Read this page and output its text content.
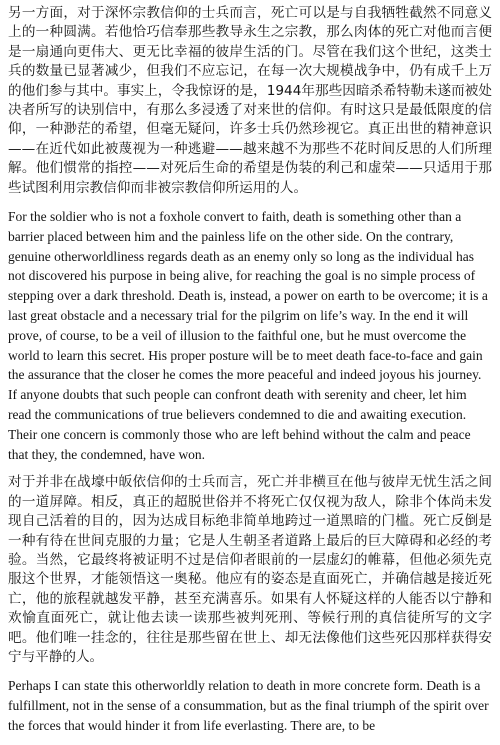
另一方面，对于深怀宗教信仰的士兵而言，死亡可以是与自我牺牲截然不同意义上的一种圆满。若他恰巧信奉那些教导永生之宗教，那么肉体的死亡对他而言便是一扇通向更伟大、更无比幸福的彼岸生活的门。尽管在我们这个世纪，这类士兵的数量已显著减少，但我们不应忘记，在每一次大规模战争中，仍有成千上万的他们参与其中。事实上，令我惊讶的是，1944年那些因暗杀希特勒未遂而被处决者所写的诀别信中，有那么多浸透了对来世的信仰。有时这只是最低限度的信仰，一种渺茫的希望，但毫无疑问，许多士兵仍然珍视它。真正出世的精神意识——在近代如此被蔑视为一种逃避——越来越不为那些不花时间反思的人们所理解。他们惯常的指控——对死后生命的希望是伪装的利己和虚荣——只适用于那些试图利用宗教信仰而非被宗教信仰所运用的人。

For the soldier who is not a foxhole convert to faith, death is something other than a barrier placed between him and the painless life on the other side. On the contrary, genuine otherworldliness regards death as an enemy only so long as the individual has not discovered his purpose in being alive, for reaching the goal is no simple process of stepping over a dark threshold. Death is, instead, a power on earth to be overcome; it is a last great obstacle and a necessary trial for the pilgrim on life’s way. In the end it will prove, of course, to be a veil of illusion to the faithful one, but he must overcome the world to learn this secret. His proper posture will be to meet death face-to-face and gain the assurance that the closer he comes the more peaceful and indeed joyous his journey. If anyone doubts that such people can confront death with serenity and cheer, let him read the communications of true believers condemned to die and awaiting execution. Their one concern is commonly those who are left behind without the calm and peace that they, the condemned, have won.

对于并非在战壕中皈依信仰的士兵而言，死亡并非横亘在他与彼岸无忧生活之间的一道屏障。相反，真正的超脱世俗并不将死亡仅仅视为敌人，除非个体尚未发现自己活着的目的，因为达成目标绝非简单地跨过一道黑暗的门槛。死亡反倒是一种有待在世间克服的力量；它是人生朝圣者道路上最后的巨大障碍和必经的考验。当然，它最终将被证明不过是信仰者眼前的一层虚幻的帷幕，但他必须先克服这个世界，才能领悟这一奥秘。他应有的姿态是直面死亡，并确信越是接近死亡，他的旅程就越发平静，甚至充满喜乐。如果有人怀疑这样的人能否以宁静和欢愉直面死亡，就让他去读一读那些被判死刑、等候行刑的真信徒所写的文字吧。他们唯一挂念的，往往是那些留在世上、却无法像他们这些死囚那样获得安宁与平静的人。

Perhaps I can state this otherworldly relation to death in more concrete form. Death is a fulfillment, not in the sense of a consummation, but as the final triumph of the spirit over the forces that would hinder it from life everlasting. There are, to be
